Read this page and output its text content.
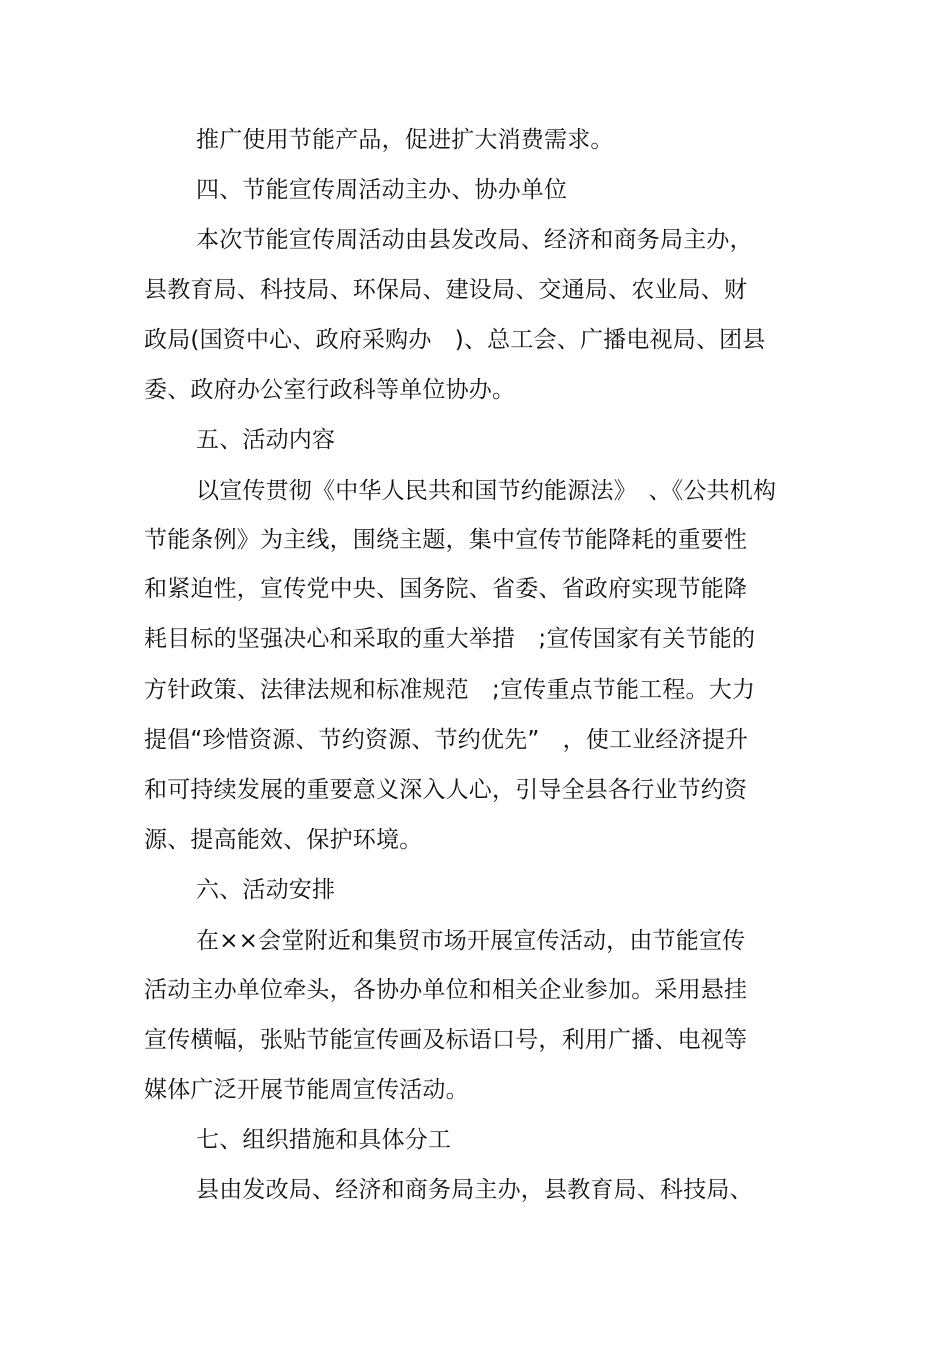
推广使用节能产品，促进扩大消费需求。
四、节能宣传周活动主办、协办单位
本次节能宣传周活动由县发改局、经济和商务局主办，
县教育局、科技局、环保局、建设局、交通局、农业局、财
政局(国资中心、政府采购办　)、总工会、广播电视局、团县
委、政府办公室行政科等单位协办。
五、活动内容
以宣传贯彻《中华人民共和国节约能源法》　、《公共机构
节能条例》为主线，围绕主题，集中宣传节能降耗的重要性
和紧迫性，宣传党中央、国务院、省委、省政府实现节能降
耗目标的坚强决心和采取的重大举措　;宣传国家有关节能的
方针政策、法律法规和标准规范　;宣传重点节能工程。大力
提倡“珍惜资源、节约资源、节约优先”　，使工业经济提升
和可持续发展的重要意义深入人心，引导全县各行业节约资
源、提高能效、保护环境。
六、活动安排
在××会堂附近和集贸市场开展宣传活动，由节能宣传
活动主办单位牵头，各协办单位和相关企业参加。采用悬挂
宣传横幅，张贴节能宣传画及标语口号，利用广播、电视等
媒体广泛开展节能周宣传活动。
七、组织措施和具体分工
县由发改局、经济和商务局主办，县教育局、科技局、
